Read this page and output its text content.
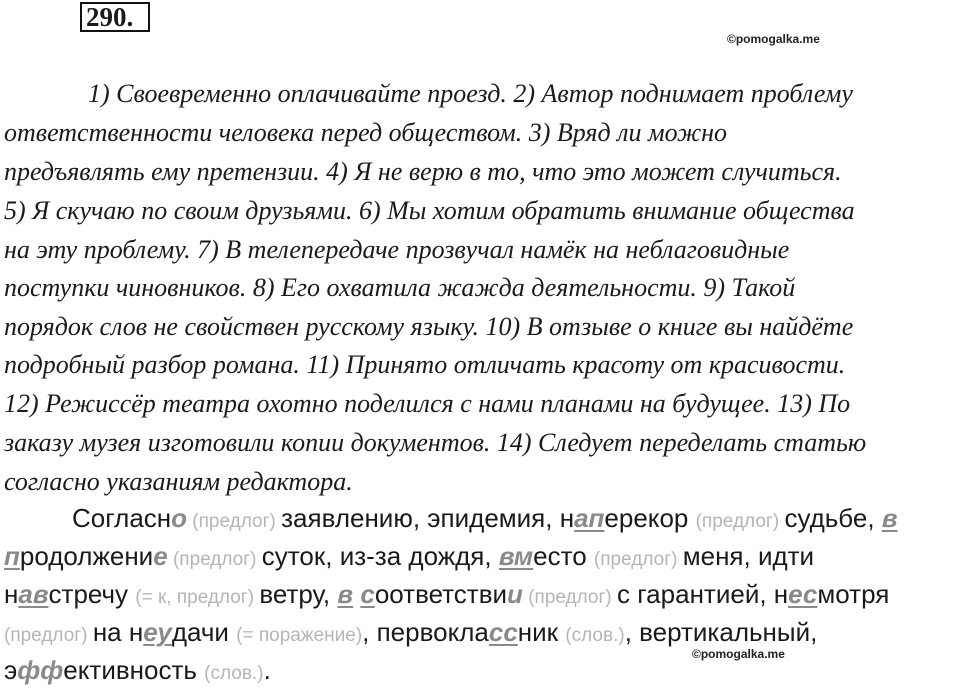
290.
©pomogalka.me
1) Своевременно оплачивайте проезд. 2) Автор поднимает проблему
ответственности человека перед обществом. 3) Вряд ли можно
предъявлять ему претензии. 4) Я не верю в то, что это может случиться.
5) Я скучаю по своим друзьями. 6) Мы хотим обратить внимание общества
на эту проблему. 7) В телепередаче прозвучал намёк на неблаговидные
поступки чиновников. 8) Его охватила жажда деятельности. 9) Такой
порядок слов не свойствен русскому языку. 10) В отзыве о книге вы найдёте
подробный разбор романа. 11) Принято отличать красоту от красивости.
12) Режиссёр театра охотно поделился с нами планами на будущее. 13) По
заказу музея изготовили копии документов. 14) Следует переделать статью
согласно указаниям редактора.
Согласно (предлог) заявлению, эпидемия, наперекор (предлог) судьбе, в
продолжение (предлог) суток, из-за дождя, вместо (предлог) меня, идти
навстречу (= к, предлог) ветру, в соответствии (предлог) с гарантией, несмотря
(предлог) на неудачи (= поражение), первоклассник (слов.), вертикальный,
эффективность (слов.).
©pomogalka.me
